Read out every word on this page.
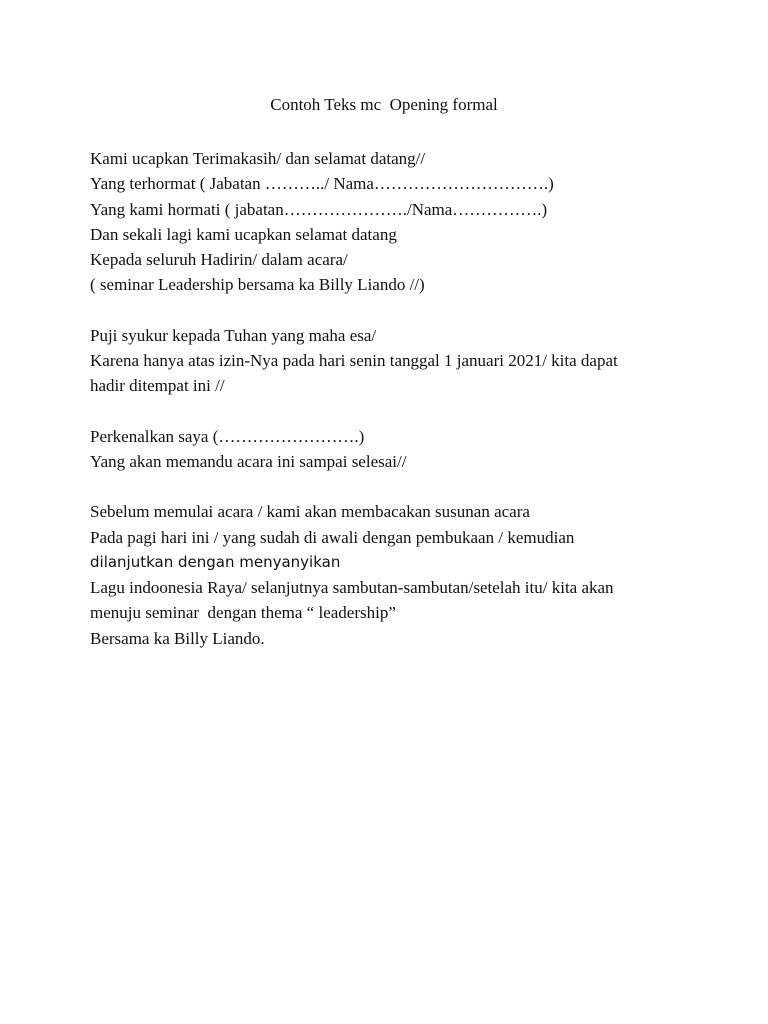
Contoh Teks mc  Opening formal
Kami ucapkan Terimakasih/ dan selamat datang//
Yang terhormat ( Jabatan ………../ Nama………………………….)
Yang kami hormati ( jabatan…………………./Nama…………….)
Dan sekali lagi kami ucapkan selamat datang
Kepada seluruh Hadirin/ dalam acara/
( seminar Leadership bersama ka Billy Liando //)
Puji syukur kepada Tuhan yang maha esa/
Karena hanya atas izin-Nya pada hari senin tanggal 1 januari 2021/ kita dapat
hadir ditempat ini //
Perkenalkan saya (…………………….)
Yang akan memandu acara ini sampai selesai//
Sebelum memulai acara / kami akan membacakan susunan acara
Pada pagi hari ini / yang sudah di awali dengan pembukaan / kemudian
dilanjutkan dengan menyanyikan
Lagu indoonesia Raya/ selanjutnya sambutan-sambutan/setelah itu/ kita akan
menuju seminar  dengan thema “ leadership”
Bersama ka Billy Liando.
